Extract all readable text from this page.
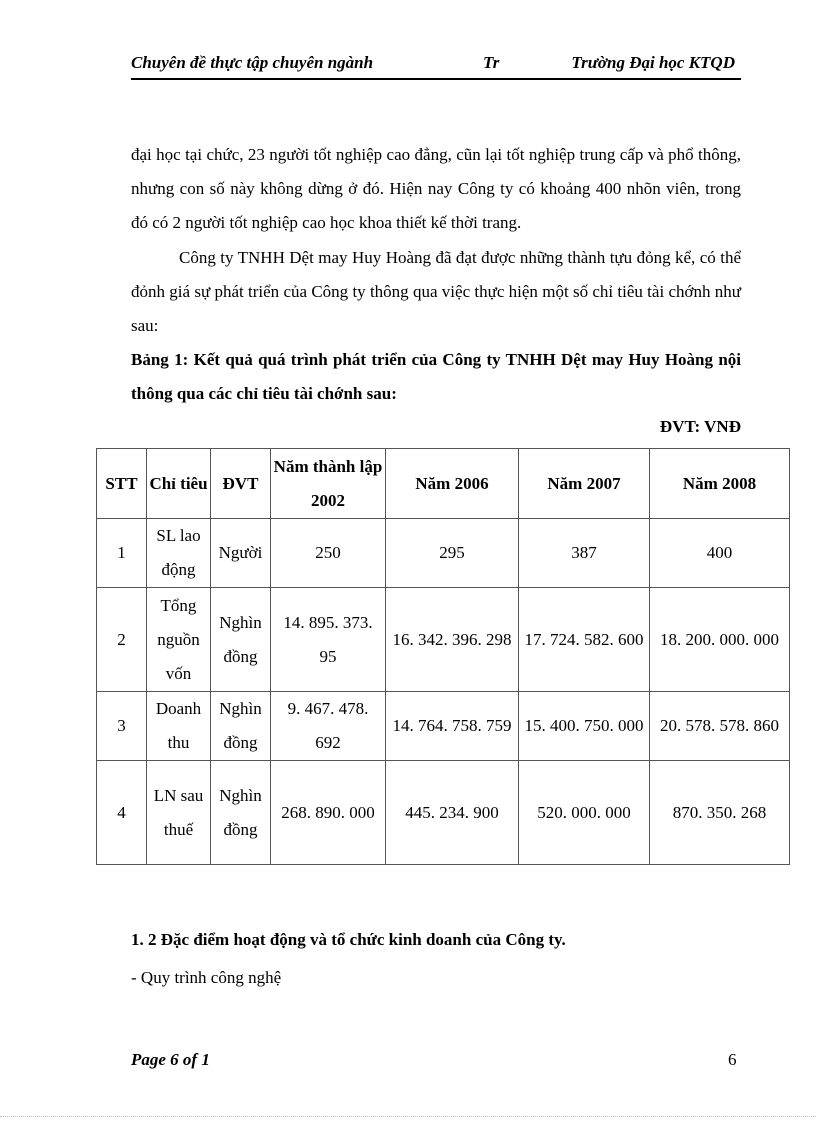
Chuyên đề thực tập chuyên ngành	Tr	Trường Đại học KTQD
đại học tại chức, 23 người tốt nghiệp cao đẳng, cũn lại tốt nghiệp trung cấp và phổ thông, nhưng con số này không dừng ở đó. Hiện nay Công ty có khoảng 400 nhõn viên, trong đó có 2 người tốt nghiệp cao học khoa thiết kế thời trang.
Công ty TNHH Dệt may Huy Hoàng đã đạt được những thành tựu đỏng kể, có thể đỏnh giá sự phát triển của Công ty thông qua việc thực hiện một số chỉ tiêu tài chớnh như sau:
Bảng 1: Kết quả quá trình phát triển của Công ty TNHH Dệt may Huy Hoàng nội thông qua các chỉ tiêu tài chớnh sau:
ĐVT: VNĐ
STT	Chỉ tiêu	ĐVT	Năm thành lập 2002	Năm 2006	Năm 2007	Năm 2008
1	SL lao động	Người	250	295	387	400
2	Tổng nguồn vốn	Nghìn đồng	14. 895. 373. 95	16. 342. 396. 298	17. 724. 582. 600	18. 200. 000. 000
3	Doanh thu	Nghìn đồng	9. 467. 478. 692	14. 764. 758. 759	15. 400. 750. 000	20. 578. 578. 860
4	LN sau thuế	Nghìn đồng	268. 890. 000	445. 234. 900	520. 000. 000	870. 350. 268
1. 2 Đặc điểm hoạt động và tổ chức kinh doanh của Công ty.
- Quy trình công nghệ
Page 6 of 1	6
